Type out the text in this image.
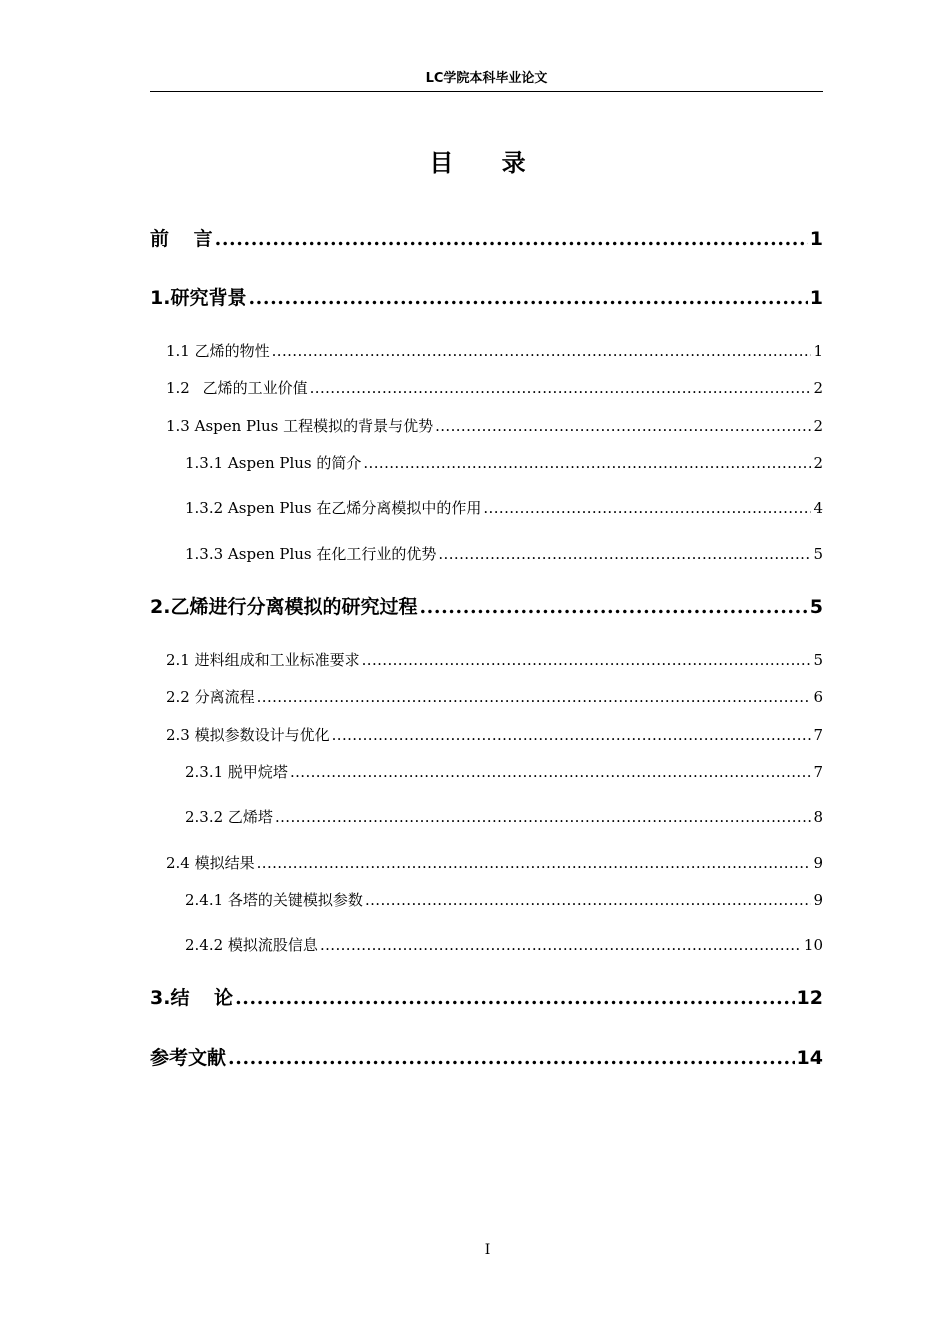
LC学院本科毕业论文
目 录
前 言 .....	1
1.研究背景 .....	1
1.1 乙烯的物性 .....	1
1.2 乙烯的工业价值 .....	2
1.3 Aspen Plus 工程模拟的背景与优势 .....	2
1.3.1 Aspen Plus 的简介 .....	2
1.3.2 Aspen Plus 在乙烯分离模拟中的作用 .....	4
1.3.3 Aspen Plus 在化工行业的优势 .....	5
2.乙烯进行分离模拟的研究过程 .....	5
2.1 进料组成和工业标准要求 .....	5
2.2 分离流程 .....	6
2.3 模拟参数设计与优化 .....	7
2.3.1 脱甲烷塔 .....	7
2.3.2 乙烯塔 .....	8
2.4 模拟结果 .....	9
2.4.1 各塔的关键模拟参数 .....	9
2.4.2 模拟流股信息 .....	10
3.结 论 .....	12
参考文献 .....	14
I
